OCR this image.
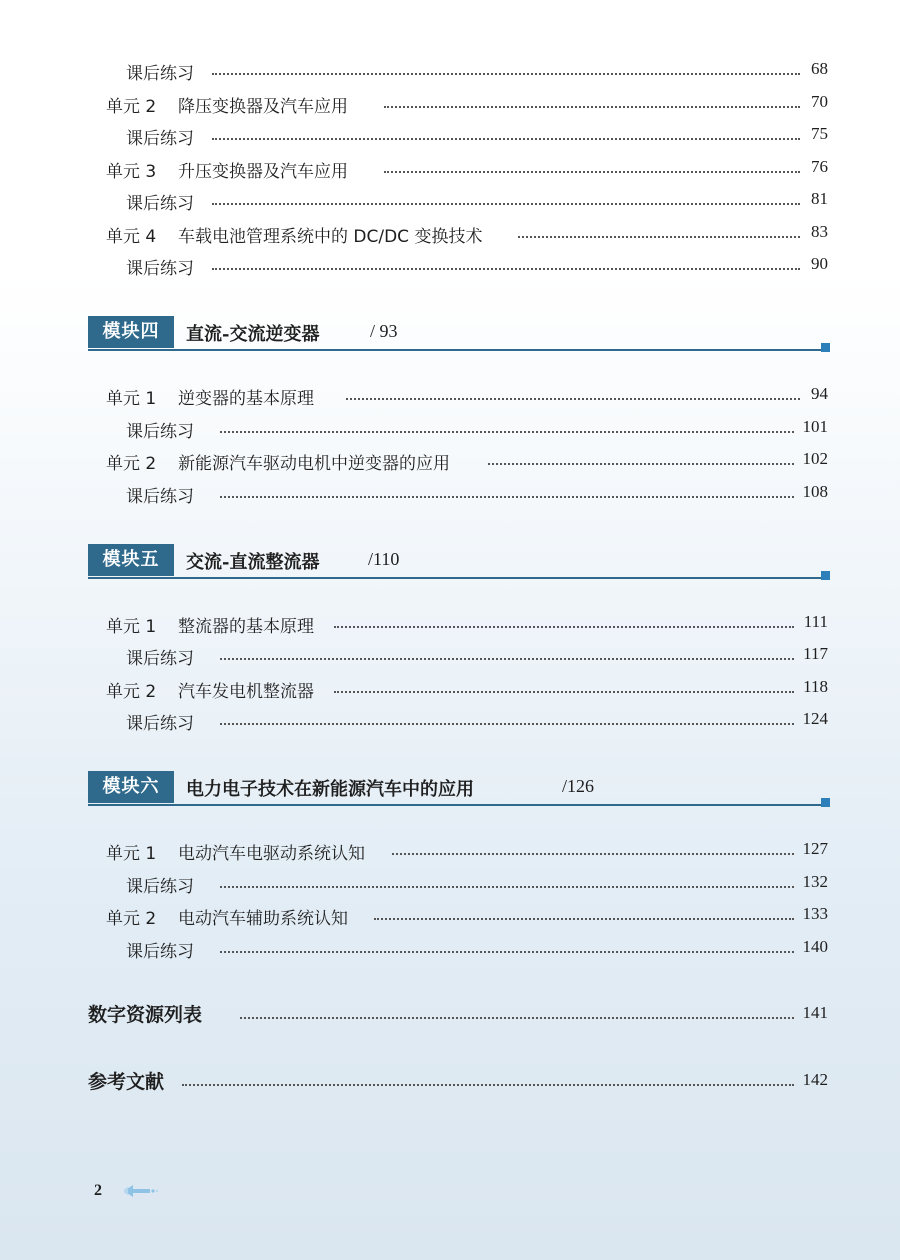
课后练习	68
单元 2 降压变换器及汽车应用	70
课后练习	75
单元 3 升压变换器及汽车应用	76
课后练习	81
单元 4 车载电池管理系统中的 DC/DC 变换技术	83
课后练习	90
模块四	直流-交流逆变器	/ 93
单元 1 逆变器的基本原理	94
课后练习	101
单元 2 新能源汽车驱动电机中逆变器的应用	102
课后练习	108
模块五	交流-直流整流器	/110
单元 1 整流器的基本原理	111
课后练习	117
单元 2 汽车发电机整流器	118
课后练习	124
模块六	电力电子技术在新能源汽车中的应用	/126
单元 1 电动汽车电驱动系统认知	127
课后练习	132
单元 2 电动汽车辅助系统认知	133
课后练习	140
数字资源列表	141
参考文献	142
2
